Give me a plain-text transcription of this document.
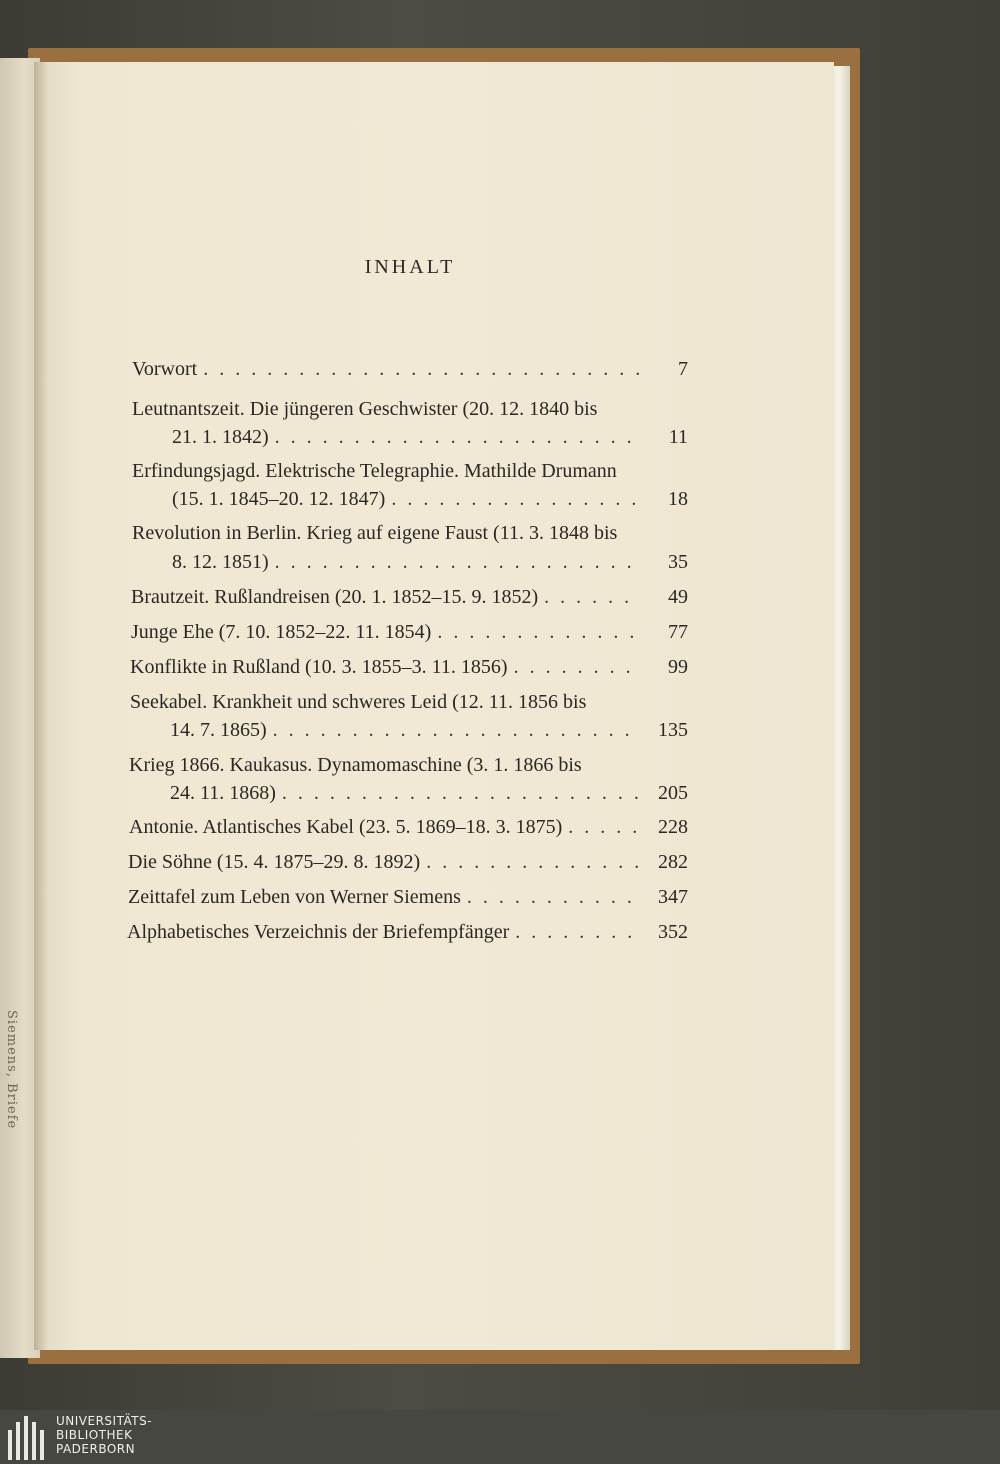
Siemens, Briefe
INHALT
Vorwort . . .	7
Leutnantszeit. Die jüngeren Geschwister (20. 12. 1840 bis
21. 1. 1842) . . .	11
Erfindungsjagd. Elektrische Telegraphie. Mathilde Drumann
(15. 1. 1845–20. 12. 1847) . . .	18
Revolution in Berlin. Krieg auf eigene Faust (11. 3. 1848 bis
8. 12. 1851) . . .	35
Brautzeit. Rußlandreisen (20. 1. 1852–15. 9. 1852) . . .	49
Junge Ehe (7. 10. 1852–22. 11. 1854) . . .	77
Konflikte in Rußland (10. 3. 1855–3. 11. 1856) . . .	99
Seekabel. Krankheit und schweres Leid (12. 11. 1856 bis
14. 7. 1865) . . .	135
Krieg 1866. Kaukasus. Dynamomaschine (3. 1. 1866 bis
24. 11. 1868) . . .	205
Antonie. Atlantisches Kabel (23. 5. 1869–18. 3. 1875) . . .	228
Die Söhne (15. 4. 1875–29. 8. 1892) . . .	282
Zeittafel zum Leben von Werner Siemens . . .	347
Alphabetisches Verzeichnis der Briefempfänger . . .	352
UNIVERSITÄTS-
BIBLIOTHEK
PADERBORN
